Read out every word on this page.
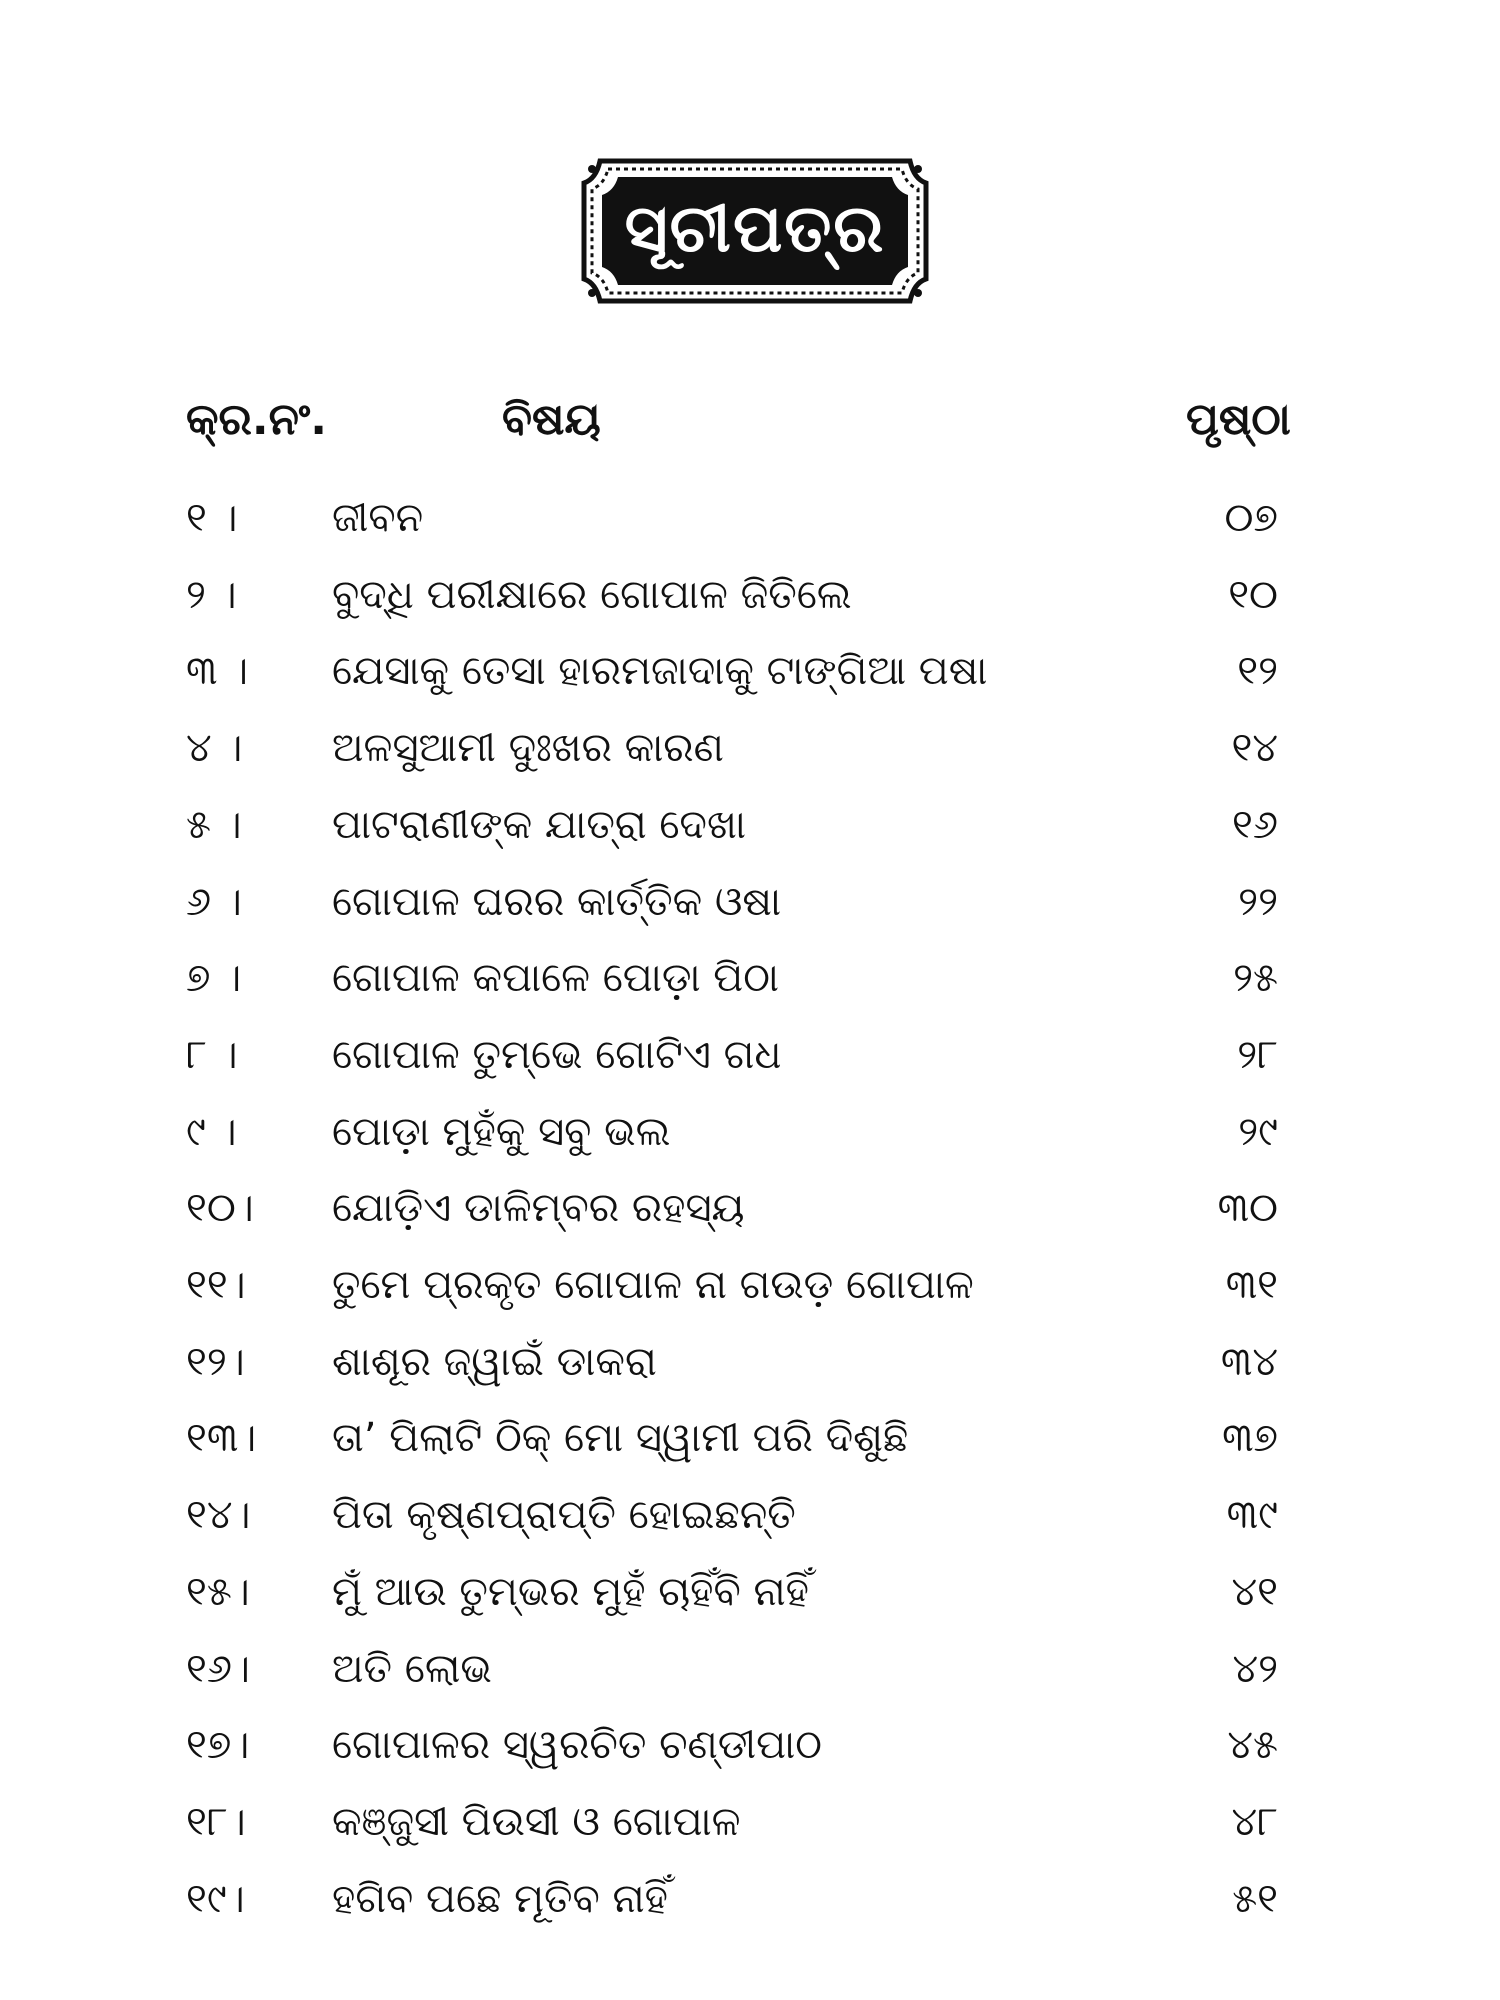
ସୂଚୀପତ୍ର
କ୍ର.ନଂ.	ବିଷୟ	ପୃଷ୍ଠା
୧ । ଜୀବନ	୦୭
୨ । ବୁଦ୍ଧି ପରୀକ୍ଷାରେ ଗୋପାଳ ଜିତିଲେ	୧୦
୩ । ଯେସାକୁ ତେସା ହାରମଜାଦାକୁ ଟାଙ୍ଗିଆ ପଷା	୧୨
୪ । ଅଳସୁଆମୀ ଦୁଃଖର କାରଣ	୧୪
୫ । ପାଟରାଣୀଙ୍କ ଯାତ୍ରା ଦେଖା	୧୬
୬ । ଗୋପାଳ ଘରର କାର୍ତ୍ତିକ ଓଷା	୨୨
୭ । ଗୋପାଳ କପାଳେ ପୋଡ଼ା ପିଠା	୨୫
୮ । ଗୋପାଳ ତୁମ୍ଭେ ଗୋଟିଏ ଗଧ	୨୮
୯ । ପୋଡ଼ା ମୁହଁକୁ ସବୁ ଭଲ	୨୯
୧୦। ଯୋଡ଼ିଏ ଡାଳିମ୍ବର ରହସ୍ୟ	୩୦
୧୧। ତୁମେ ପ୍ରକୃତ ଗୋପାଳ ନା ଗଉଡ଼ ଗୋପାଳ	୩୧
୧୨। ଶାଶୂର ଜ୍ୱାଇଁ ଡାକରା	୩୪
୧୩। ତା’ ପିଲାଟି ଠିକ୍ ମୋ ସ୍ୱାମୀ ପରି ଦିଶୁଛି	୩୭
୧୪। ପିତା କୃଷ୍ଣପ୍ରାପ୍ତି ହୋଇଛନ୍ତି	୩୯
୧୫। ମୁଁ ଆଉ ତୁମ୍ଭର ମୁହଁ ଚାହିଁବି ନାହିଁ	୪୧
୧୬। ଅତି ଲୋଭ	୪୨
୧୭। ଗୋପାଳର ସ୍ୱରଚିତ ଚଣ୍ଡୀପାଠ	୪୫
୧୮। କଞ୍ଜୁସୀ ପିଉସୀ ଓ ଗୋପାଳ	୪୮
୧୯। ହଗିବ ପଛେ ମୂତିବ ନାହିଁ	୫୧
